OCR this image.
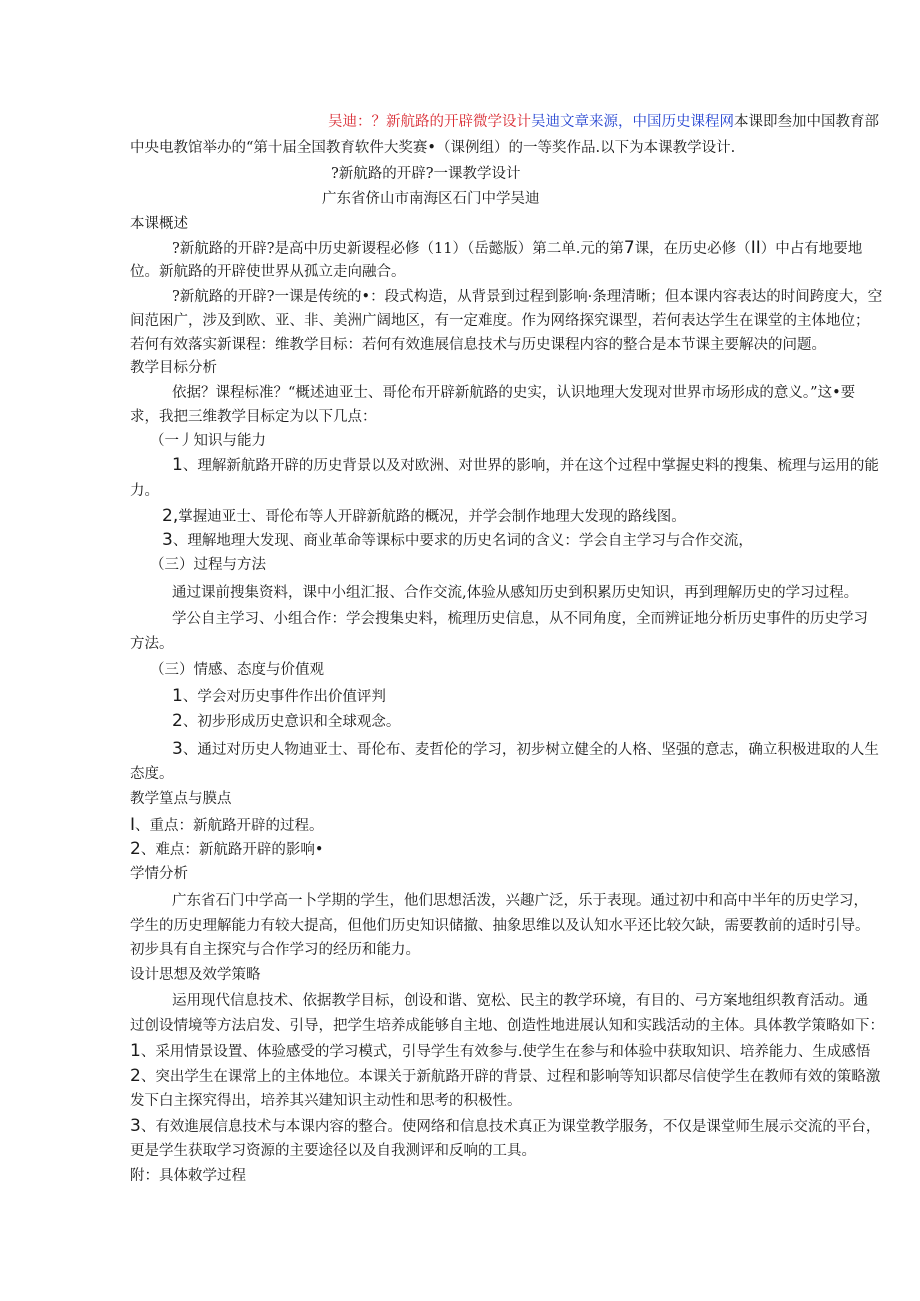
吴迪：？新航路的开辟微学设计吴迪文章来源，中国历史课程网本课即叁加中国教育部
中央电教馆举办的“第十届全国教育软件大奖赛•（课例组）的一等奖作品.以下为本课教学设计.
?新航路的开辟?一课教学设计
广东省侪山市南海区石门中学吴迪
本课概述
?新航路的开辟?是高中历史新谡程必修（11）（岳懿版）第二单.元的第7课，在历史必修（II）中占有地要地
位。新航路的开辟使世界从孤立走向融合。
?新航路的开辟?一课是传统的•：段式构造，从背景到过程到影响·条理清晰；但本课内容表达的时间跨度大，空
间范困广，涉及到欧、亚、非、美洲广阔地区，有一定难度。作为网络探究课型，若何表达学生在课堂的主体地位；
若何有效落实新课程：维教学目标：若何有效進展信息技术与历史课程内容的整合是本节课主要解决的问题。
教学目标分析
依据？课程标准？“概述迪亚士、哥伦布开辟新航路的史实，认识地理大发现对世界市场形成的意义。”这•要
求，我把三维教学目标定为以下几点：
（一丿知识与能力
1、理解新航路开辟的历史背景以及对欧洲、对世界的影响，并在这个过程中掌握史料的搜集、梳理与运用的能
力。
2,掌握迪亚士、哥伦布等人开辟新航路的概况，并学会制作地理大发现的路线图。
3、理解地理大发现、商业革命等课标中要求的历史名词的含义：学会自主学习与合作交流，
（三）过程与方法
通过课前搜集资料，课中小组汇报、合作交流,体验从感知历史到积累历史知识，再到理解历史的学习过程。
学公自主学习、小组合作：学会搜集史料，梳理历史信息，从不同角度，全而辨证地分析历史事件的历史学习
方法。
（三）情感、态度与价值观
1、学会对历史事件作出价值评判
2、初步形成历史意识和全球观念。
3、通过对历史人物迪亚士、哥伦布、麦哲伦的学习，初步树立健全的人格、坚强的意志，确立积极进取的人生
态度。
教学篁点与膜点
I、重点：新航路开辟的过程。
2、难点：新航路开辟的影响•
学情分析
广东省石门中学高一卜学期的学生，他们思想活泼，兴趣广泛，乐于表现。通过初中和高中半年的历史学习，
学生的历史理解能力有较大提高，但他们历史知识储撤、抽象思维以及认知水平还比较欠缺，需要教前的适时引导。
初步具有自主探究与合作学习的经历和能力。
设计思想及效学策略
运用现代信息技术、依据教学目标，创设和谐、宽松、民主的教学环境，有目的、弓方案地组织教育活动。通
过创设情境等方法启发、引导，把学生培养成能够自主地、创造性地进展认知和实践活动的主体。具体教学策略如下：
1、采用情景设置、体验感受的学习模式，引导学生有效参与.使学生在参与和体验中获取知识、培养能力、生成感悟
2、突出学生在课常上的主体地位。本课关于新航路开辟的背景、过程和影响等知识都尽信使学生在教师有效的策略激
发下白主探究得出，培养其兴建知识主动性和思考的积极性。
3、有效進展信息技术与本课内容的整合。使网络和信息技术真正为课堂教学服务，不仅是课堂师生展示交流的平台，
更是学生获取学习资源的主要途径以及自我测评和反响的工具。
附：具体敕学过程
